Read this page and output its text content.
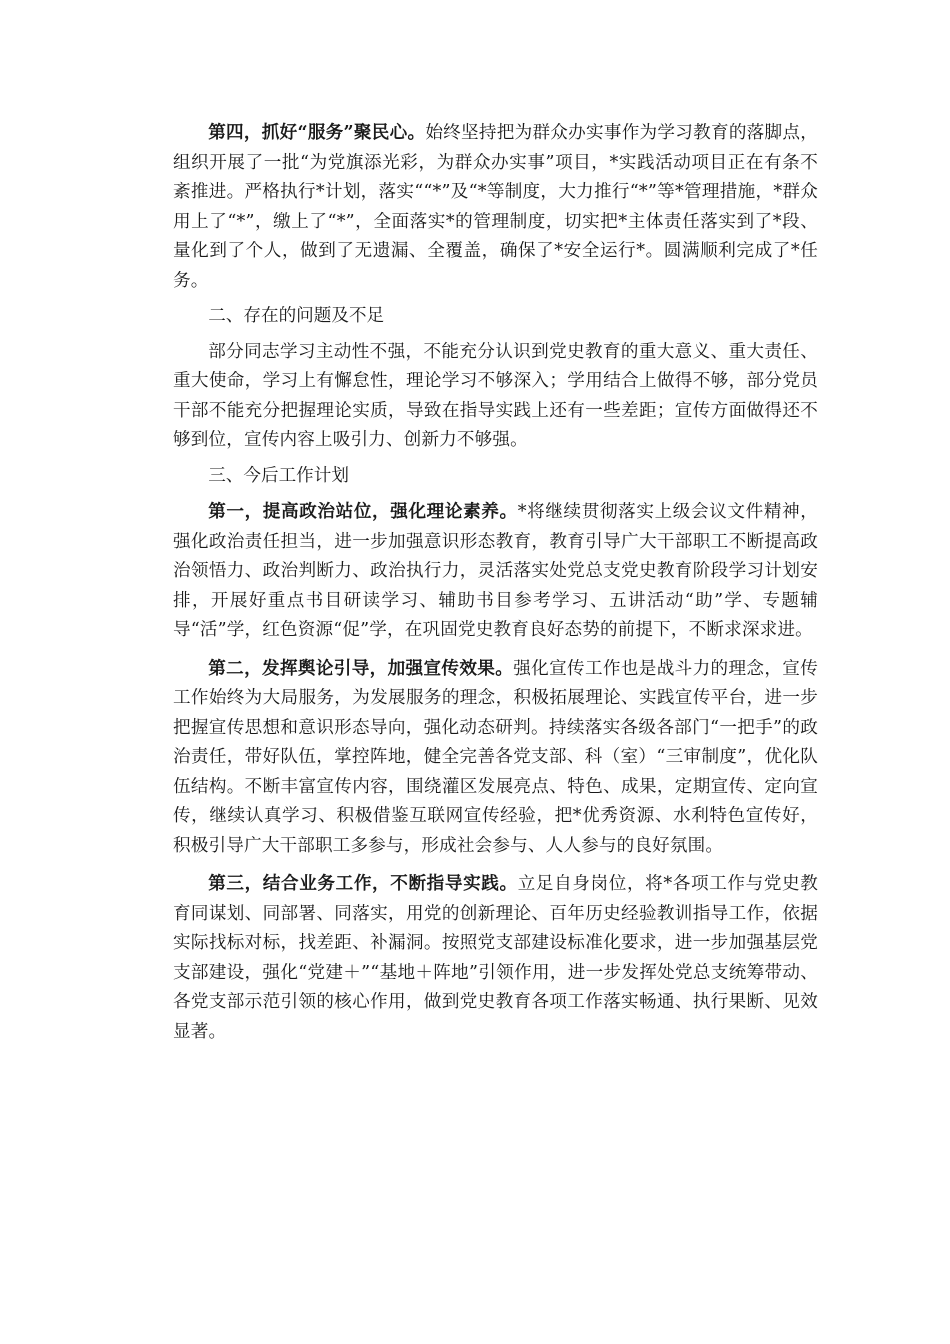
第四，抓好“服务”聚民心。始终坚持把为群众办实事作为学习教育的落脚点，组织开展了一批“为党旗添光彩，为群众办实事”项目，*实践活动项目正在有条不紊推进。严格执行*计划，落实““*”及“*等制度，大力推行“*”等*管理措施，*群众用上了“*”，缴上了“*”，全面落实*的管理制度，切实把*主体责任落实到了*段、量化到了个人，做到了无遗漏、全覆盖，确保了*安全运行*。圆满顺利完成了*任务。

二、存在的问题及不足

部分同志学习主动性不强，不能充分认识到党史教育的重大意义、重大责任、重大使命，学习上有懈怠性，理论学习不够深入；学用结合上做得不够，部分党员干部不能充分把握理论实质，导致在指导实践上还有一些差距；宣传方面做得还不够到位，宣传内容上吸引力、创新力不够强。

三、今后工作计划

第一，提高政治站位，强化理论素养。*将继续贯彻落实上级会议文件精神，强化政治责任担当，进一步加强意识形态教育，教育引导广大干部职工不断提高政治领悟力、政治判断力、政治执行力，灵活落实处党总支党史教育阶段学习计划安排，开展好重点书目研读学习、辅助书目参考学习、五讲活动“助”学、专题辅导“活”学，红色资源“促”学，在巩固党史教育良好态势的前提下，不断求深求进。

第二，发挥舆论引导，加强宣传效果。强化宣传工作也是战斗力的理念，宣传工作始终为大局服务，为发展服务的理念，积极拓展理论、实践宣传平台，进一步把握宣传思想和意识形态导向，强化动态研判。持续落实各级各部门“一把手”的政治责任，带好队伍，掌控阵地，健全完善各党支部、科（室）“三审制度”，优化队伍结构。不断丰富宣传内容，围绕灌区发展亮点、特色、成果，定期宣传、定向宣传，继续认真学习、积极借鉴互联网宣传经验，把*优秀资源、水利特色宣传好，积极引导广大干部职工多参与，形成社会参与、人人参与的良好氛围。

第三，结合业务工作，不断指导实践。立足自身岗位，将*各项工作与党史教育同谋划、同部署、同落实，用党的创新理论、百年历史经验教训指导工作，依据实际找标对标，找差距、补漏洞。按照党支部建设标准化要求，进一步加强基层党支部建设，强化“党建＋”“基地＋阵地”引领作用，进一步发挥处党总支统筹带动、各党支部示范引领的核心作用，做到党史教育各项工作落实畅通、执行果断、见效显著。
